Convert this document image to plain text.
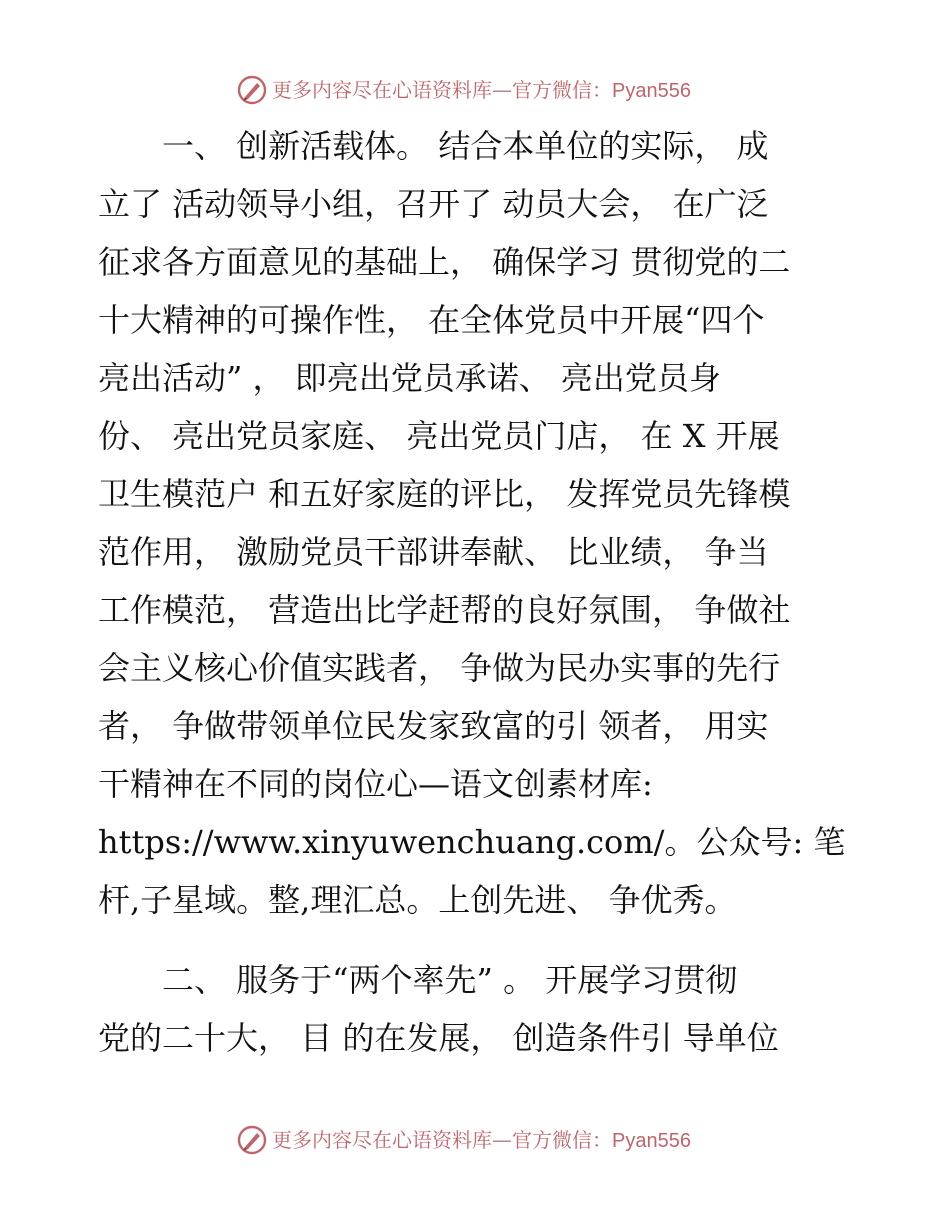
更多内容尽在心语资料库—官方微信：Pyan556
　　一、 创新活载体。 结合本单位的实际， 成
立了 活动领导小组，召开了 动员大会， 在广泛
征求各方面意见的基础上， 确保学习 贯彻党的二
十大精神的可操作性， 在全体党员中开展“四个
亮出活动” ， 即亮出党员承诺、 亮出党员身
份、 亮出党员家庭、 亮出党员门店， 在 X 开展
卫生模范户 和五好家庭的评比， 发挥党员先锋模
范作用， 激励党员干部讲奉献、 比业绩， 争当
工作模范， 营造出比学赶帮的良好氛围， 争做社
会主义核心价值实践者， 争做为民办实事的先行
者， 争做带领单位民发家致富的引 领者， 用实
干精神在不同的岗位心—语文创素材库:
https://www.xinyuwenchuang.com/。公众号: 笔
杆,子星域。整,理汇总。上创先进、 争优秀。
　　二、 服务于“两个率先” 。 开展学习贯彻
党的二十大， 目 的在发展， 创造条件引 导单位
更多内容尽在心语资料库—官方微信：Pyan556
